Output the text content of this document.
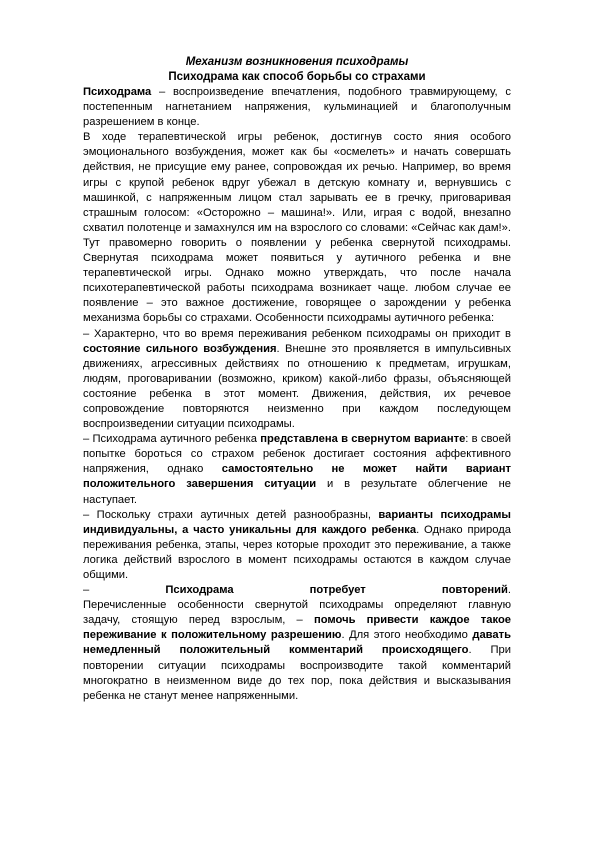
Механизм возникновения психодрамы

Психодрама как способ борьбы со страхами

Психодрама – воспроизведение впечатления, подобного травмирующему, с постепенным нагнетанием напряжения, кульминацией и благополучным разрешением в конце.

В ходе терапевтической игры ребенок, достигнув состо яния особого эмоционального возбуждения, может как бы «осмелеть» и начать совершать действия, не присущие ему ранее, сопровождая их речью. Например, во время игры с крупой ребенок вдруг убежал в детскую комнату и, вернувшись с машинкой, с напряженным лицом стал зарывать ее в гречку, приговаривая страшным голосом: «Осторожно – машина!». Или, играя с водой, внезапно схватил полотенце и замахнулся им на взрослого со словами: «Сейчас как дам!». Тут правомерно говорить о появлении у ребенка свернутой психодрамы. Свернутая психодрама может появиться у аутичного ребенка и вне терапевтической игры. Однако можно утверждать, что после начала психотерапевтической работы психодрама возникает чаще. любом случае ее появление – это важное достижение, говорящее о зарождении у ребенка механизма борьбы со страхами. Особенности психодрамы аутичного ребенка:

– Характерно, что во время переживания ребенком психодрамы он приходит в состояние сильного возбуждения. Внешне это проявляется в импульсивных движениях, агрессивных действиях по отношению к предметам, игрушкам, людям, проговаривании (возможно, криком) какой-либо фразы, объясняющей состояние ребенка в этот момент. Движения, действия, их речевое сопровождение повторяются неизменно при каждом последующем воспроизведении ситуации психодрамы.

– Психодрама аутичного ребенка представлена в свернутом варианте: в своей попытке бороться со страхом ребенок достигает состояния аффективного напряжения, однако самостоятельно не может найти вариант положительного завершения ситуации и в результате облегчение не наступает.

– Поскольку страхи аутичных детей разнообразны, варианты психодрамы индивидуальны, а часто уникальны для каждого ребенка. Однако природа переживания ребенка, этапы, через которые проходит это переживание, а также логика действий взрослого в момент психодрамы остаются в каждом случае общими.

– Психодрама потребует повторений.

Перечисленные особенности свернутой психодрамы определяют главную задачу, стоящую перед взрослым, – помочь привести каждое такое переживание к положительному разрешению. Для этого необходимо давать немедленный положительный комментарий происходящего. При повторении ситуации психодрамы воспроизводите такой комментарий многократно в неизменном виде до тех пор, пока действия и высказывания ребенка не станут менее напряженными.
